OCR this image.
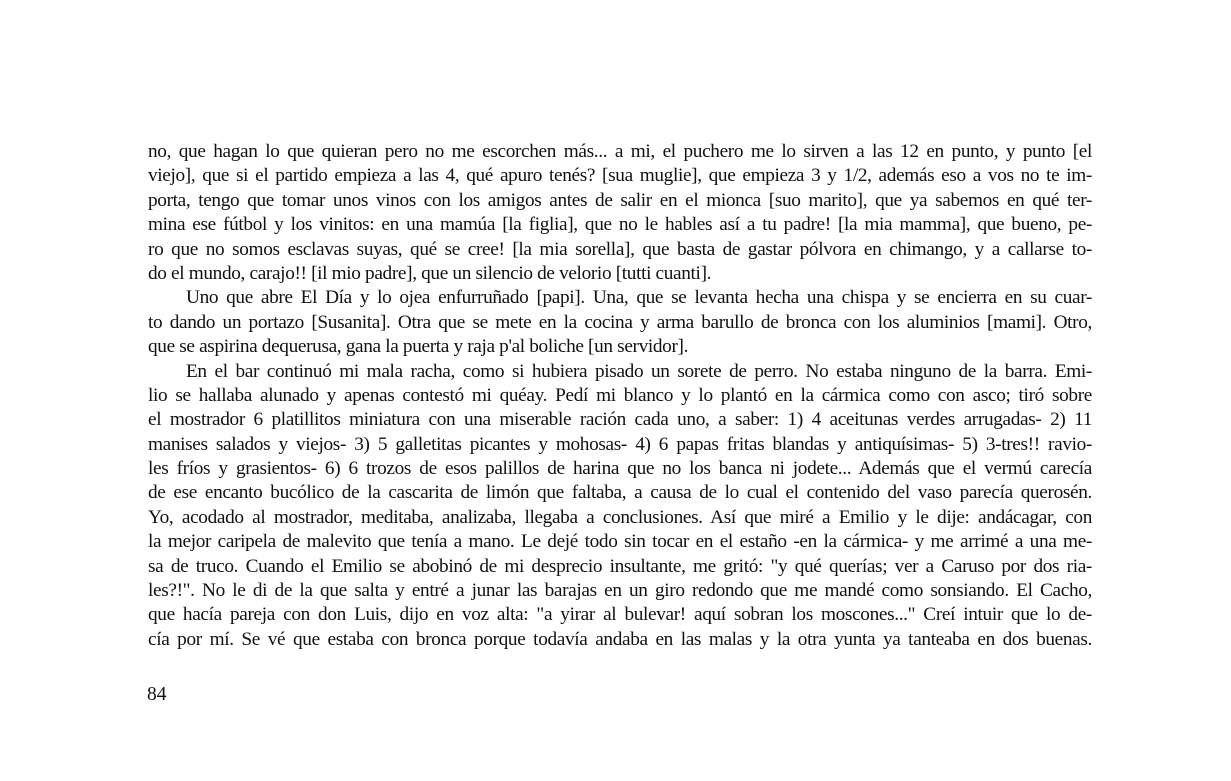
no, que hagan lo que quieran pero no me escorchen más... a mi, el puchero me lo sirven a las 12 en punto, y punto [el
viejo], que si el partido empieza a las 4, qué apuro tenés? [sua muglie], que empieza 3 y 1/2, además eso a vos no te im-
porta, tengo que tomar unos vinos con los amigos antes de salir en el mionca [suo marito], que ya sabemos en qué ter-
mina ese fútbol y los vinitos: en una mamúa [la figlia], que no le hables así a tu padre! [la mia mamma], que bueno, pe-
ro que no somos esclavas suyas, qué se cree! [la mia sorella], que basta de gastar pólvora en chimango, y a callarse to-
do el mundo, carajo!! [il mio padre], que un silencio de velorio [tutti cuanti].
Uno que abre El Día y lo ojea enfurruñado [papi]. Una, que se levanta hecha una chispa y se encierra en su cuar-
to dando un portazo [Susanita]. Otra que se mete en la cocina y arma barullo de bronca con los aluminios [mami]. Otro,
que se aspirina dequerusa, gana la puerta y raja p'al boliche [un servidor].
En el bar continuó mi mala racha, como si hubiera pisado un sorete de perro. No estaba ninguno de la barra. Emi-
lio se hallaba alunado y apenas contestó mi quéay. Pedí mi blanco y lo plantó en la cármica como con asco; tiró sobre
el mostrador 6 platillitos miniatura con una miserable ración cada uno, a saber: 1) 4 aceitunas verdes arrugadas- 2) 11
manises salados y viejos- 3) 5 galletitas picantes y mohosas- 4) 6 papas fritas blandas y antiquísimas- 5) 3-tres!! ravio-
les fríos y grasientos- 6) 6 trozos de esos palillos de harina que no los banca ni jodete... Además que el vermú carecía
de ese encanto bucólico de la cascarita de limón que faltaba, a causa de lo cual el contenido del vaso parecía querosén.
Yo, acodado al mostrador, meditaba, analizaba, llegaba a conclusiones. Así que miré a Emilio y le dije: andácagar, con
la mejor caripela de malevito que tenía a mano. Le dejé todo sin tocar en el estaño -en la cármica- y me arrimé a una me-
sa de truco. Cuando el Emilio se abobinó de mi desprecio insultante, me gritó: "y qué querías; ver a Caruso por dos ria-
les?!". No le di de la que salta y entré a junar las barajas en un giro redondo que me mandé como sonsiando. El Cacho,
que hacía pareja con don Luis, dijo en voz alta: "a yirar al bulevar! aquí sobran los moscones..." Creí intuir que lo de-
cía por mí. Se vé que estaba con bronca porque todavía andaba en las malas y la otra yunta ya tanteaba en dos buenas.
84
